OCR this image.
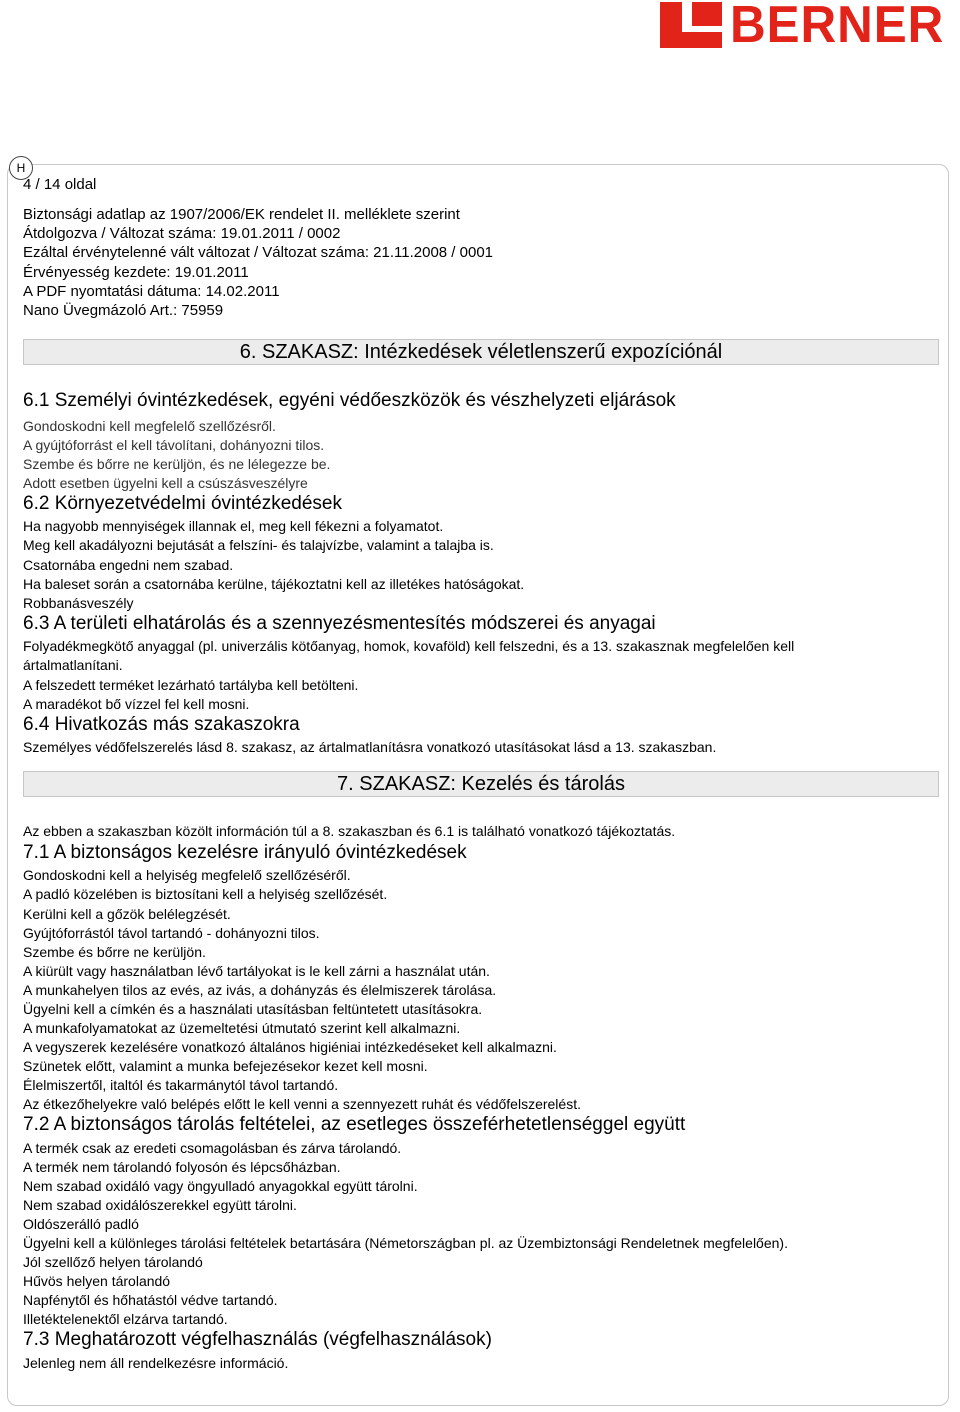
BERNER
H
4 / 14 oldal
Biztonsági adatlap az 1907/2006/EK rendelet II. melléklete szerint
Átdolgozva / Változat száma: 19.01.2011 / 0002
Ezáltal érvénytelenné vált változat / Változat száma: 21.11.2008 / 0001
Érvényesség kezdete: 19.01.2011
A PDF nyomtatási dátuma: 14.02.2011
Nano Üvegmázoló Art.: 75959
6. SZAKASZ: Intézkedések véletlenszerű expozíciónál
6.1 Személyi óvintézkedések, egyéni védőeszközök és vészhelyzeti eljárások
Gondoskodni kell megfelelő szellőzésről.
A gyújtóforrást el kell távolítani, dohányozni tilos.
Szembe és bőrre ne kerüljön, és ne lélegezze be.
Adott esetben ügyelni kell a csúszásveszélyre
6.2 Környezetvédelmi óvintézkedések
Ha nagyobb mennyiségek illannak el, meg kell fékezni a folyamatot.
Meg kell akadályozni bejutását a felszíni- és talajvízbe, valamint a talajba is.
Csatornába engedni nem szabad.
Ha baleset során a csatornába kerülne, tájékoztatni kell az illetékes hatóságokat.
Robbanásveszély
6.3 A területi elhatárolás és a szennyezésmentesítés módszerei és anyagai
Folyadékmegkötő anyaggal (pl. univerzális kötőanyag, homok, kovaföld) kell felszedni, és a 13. szakasznak megfelelően kell
ártalmatlanítani.
A felszedett terméket lezárható tartályba kell betölteni.
A maradékot bő vízzel fel kell mosni.
6.4 Hivatkozás más szakaszokra
Személyes védőfelszerelés lásd 8. szakasz, az ártalmatlanításra vonatkozó utasításokat lásd a 13. szakaszban.
7. SZAKASZ: Kezelés és tárolás
Az ebben a szakaszban közölt információn túl a 8. szakaszban és 6.1 is található vonatkozó tájékoztatás.
7.1 A biztonságos kezelésre irányuló óvintézkedések
Gondoskodni kell a helyiség megfelelő szellőzéséről.
A padló közelében is biztosítani kell a helyiség szellőzését.
Kerülni kell a gőzök belélegzését.
Gyújtóforrástól távol tartandó - dohányozni tilos.
Szembe és bőrre ne kerüljön.
A kiürült vagy használatban lévő tartályokat is le kell zárni a használat után.
A munkahelyen tilos az evés, az ivás, a dohányzás és élelmiszerek tárolása.
Ügyelni kell a címkén és a használati utasításban feltüntetett utasításokra.
A munkafolyamatokat az üzemeltetési útmutató szerint kell alkalmazni.
A vegyszerek kezelésére vonatkozó általános higiéniai intézkedéseket kell alkalmazni.
Szünetek előtt, valamint a munka befejezésekor kezet kell mosni.
Élelmiszertől, italtól és takarmánytól távol tartandó.
Az étkezőhelyekre való belépés előtt le kell venni a szennyezett ruhát és védőfelszerelést.
7.2 A biztonságos tárolás feltételei, az esetleges összeférhetetlenséggel együtt
A termék csak az eredeti csomagolásban és zárva tárolandó.
A termék nem tárolandó folyosón és lépcsőházban.
Nem szabad oxidáló vagy öngyulladó anyagokkal együtt tárolni.
Nem szabad oxidálószerekkel együtt tárolni.
Oldószerálló padló
Ügyelni kell a különleges tárolási feltételek betartására (Németországban pl. az Üzembiztonsági Rendeletnek megfelelően).
Jól szellőző helyen tárolandó
Hűvös helyen tárolandó
Napfénytől és hőhatástól védve tartandó.
Illetéktelenektől elzárva tartandó.
7.3 Meghatározott végfelhasználás (végfelhasználások)
Jelenleg nem áll rendelkezésre információ.
